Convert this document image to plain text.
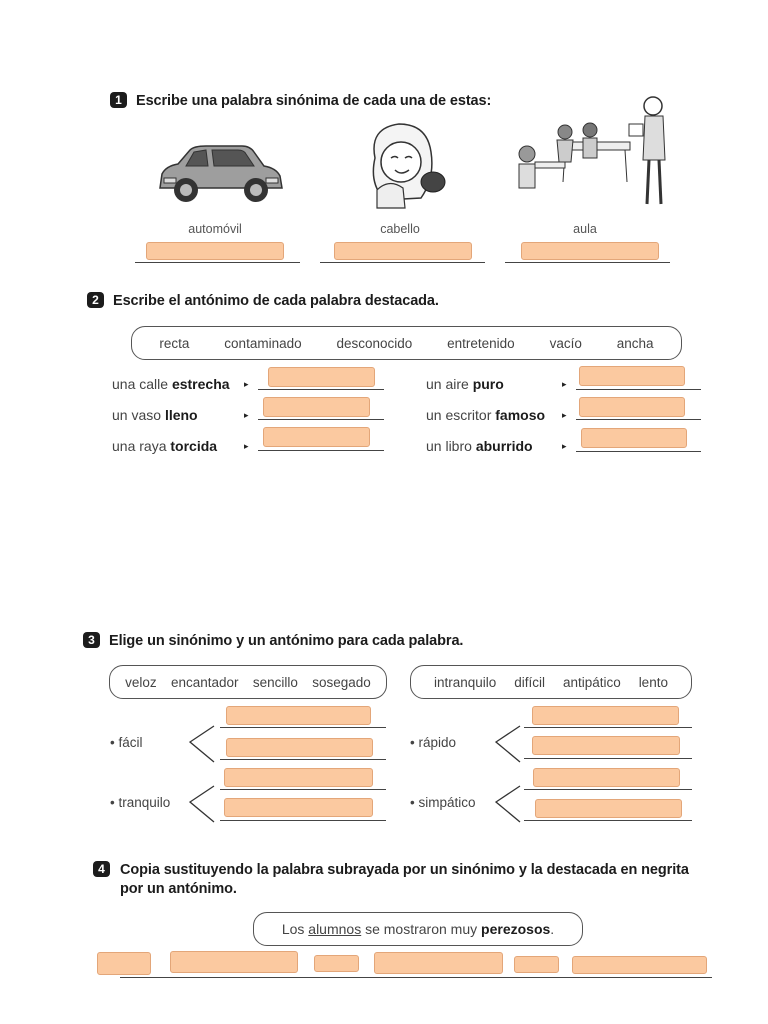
1 Escribe una palabra sinónima de cada una de estas:
automóvil	cabello	aula
2 Escribe el antónimo de cada palabra destacada.
recta	contaminado	desconocido	entretenido	vacío	ancha
una calle estrecha ▸
un vaso lleno	▸
una raya torcida	▸
un aire puro	▸
un escritor famoso ▸
un libro aburrido	▸
3 Elige un sinónimo y un antónimo para cada palabra.
veloz encantador sencillo sosegado	intranquilo difícil antipático lento
• fácil
• tranquilo
• rápido
• simpático
4	Copia sustituyendo la palabra subrayada por un sinónimo y la destacada en negrita
por un antónimo.
Los alumnos se mostraron muy perezosos .
